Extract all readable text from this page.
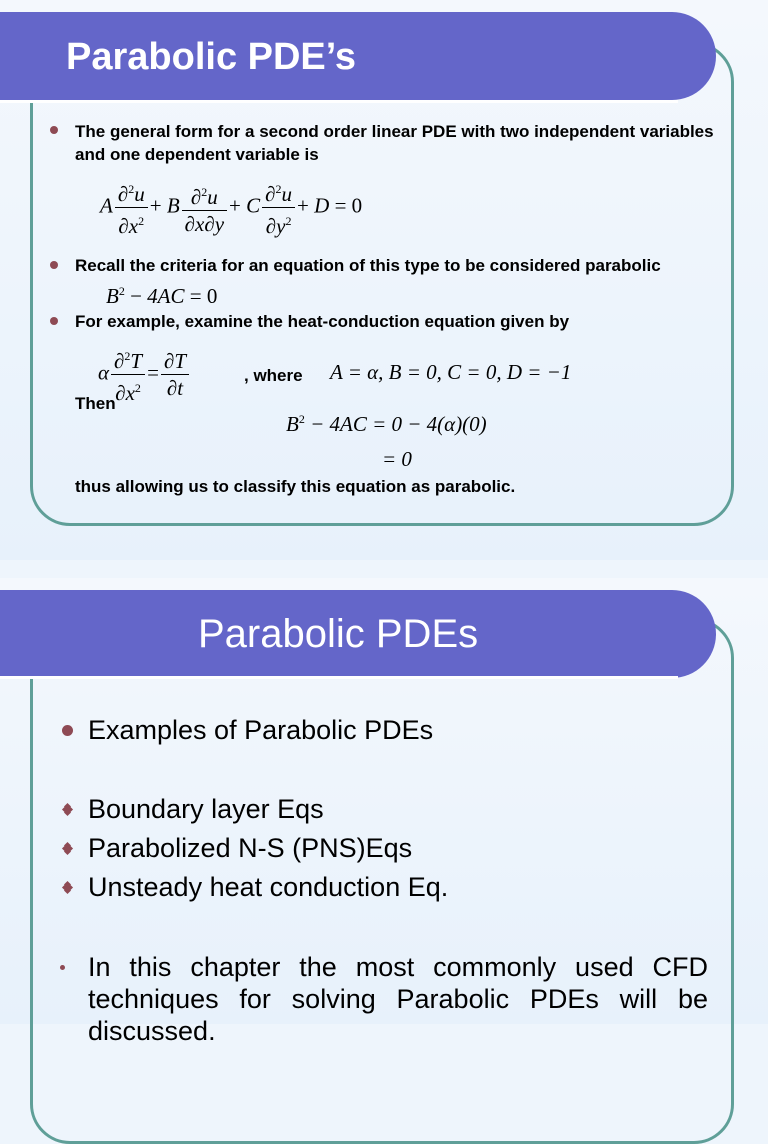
Parabolic PDE’s
The general form for a second order linear PDE with two independent variables and one dependent variable is
A $\frac{\partial^2u}{\partial x^2} + B \frac{\partial^2u}{\partial x\partial y} + C \frac{\partial^2u}{\partial y^2} + D = 0$
Recall the criteria for an equation of this type to be considered parabolic
$B^2 - 4AC = 0$
For example, examine the heat-conduction equation given by
α $\frac{\partial^2T}{\partial x^2} = \frac{\partial T}{\partial t}$	, where A = α, B = 0, C = 0, D = −1
Then
$B^2 - 4AC = 0 - 4(\alpha)(0)$
= 0
thus allowing us to classify this equation as parabolic.
Parabolic PDEs
Examples of Parabolic PDEs
Boundary layer Eqs
Parabolized N-S (PNS)Eqs
Unsteady heat conduction Eq.
In this chapter the most commonly used CFD techniques for solving Parabolic PDEs will be discussed.
